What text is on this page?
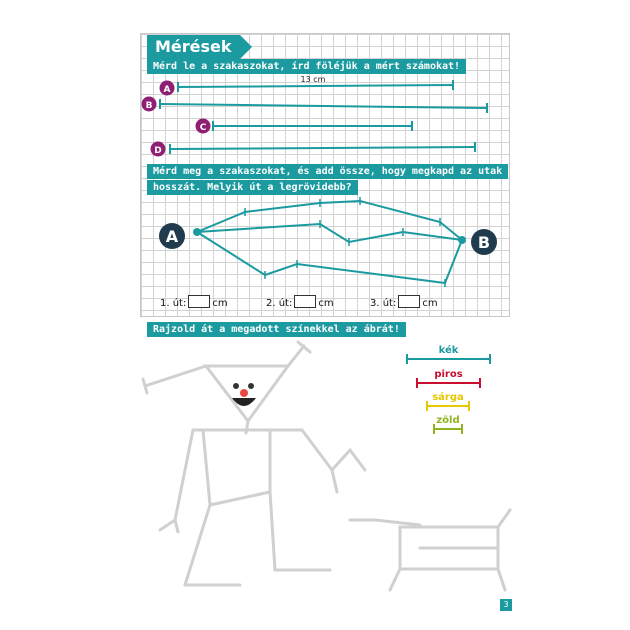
Mérések
Mérd le a szakaszokat, írd föléjük a mért számokat!
Mérd meg a szakaszokat, és add össze, hogy megkapd az utak
hosszát. Melyik út a legrövidebb?
Rajzold át a megadott színekkel az ábrát!
A
B
C
D
13 cm
A	B
kék
piros
sárga
zöld
1. út:	cm	2. út:	cm	3. út:	cm
3
